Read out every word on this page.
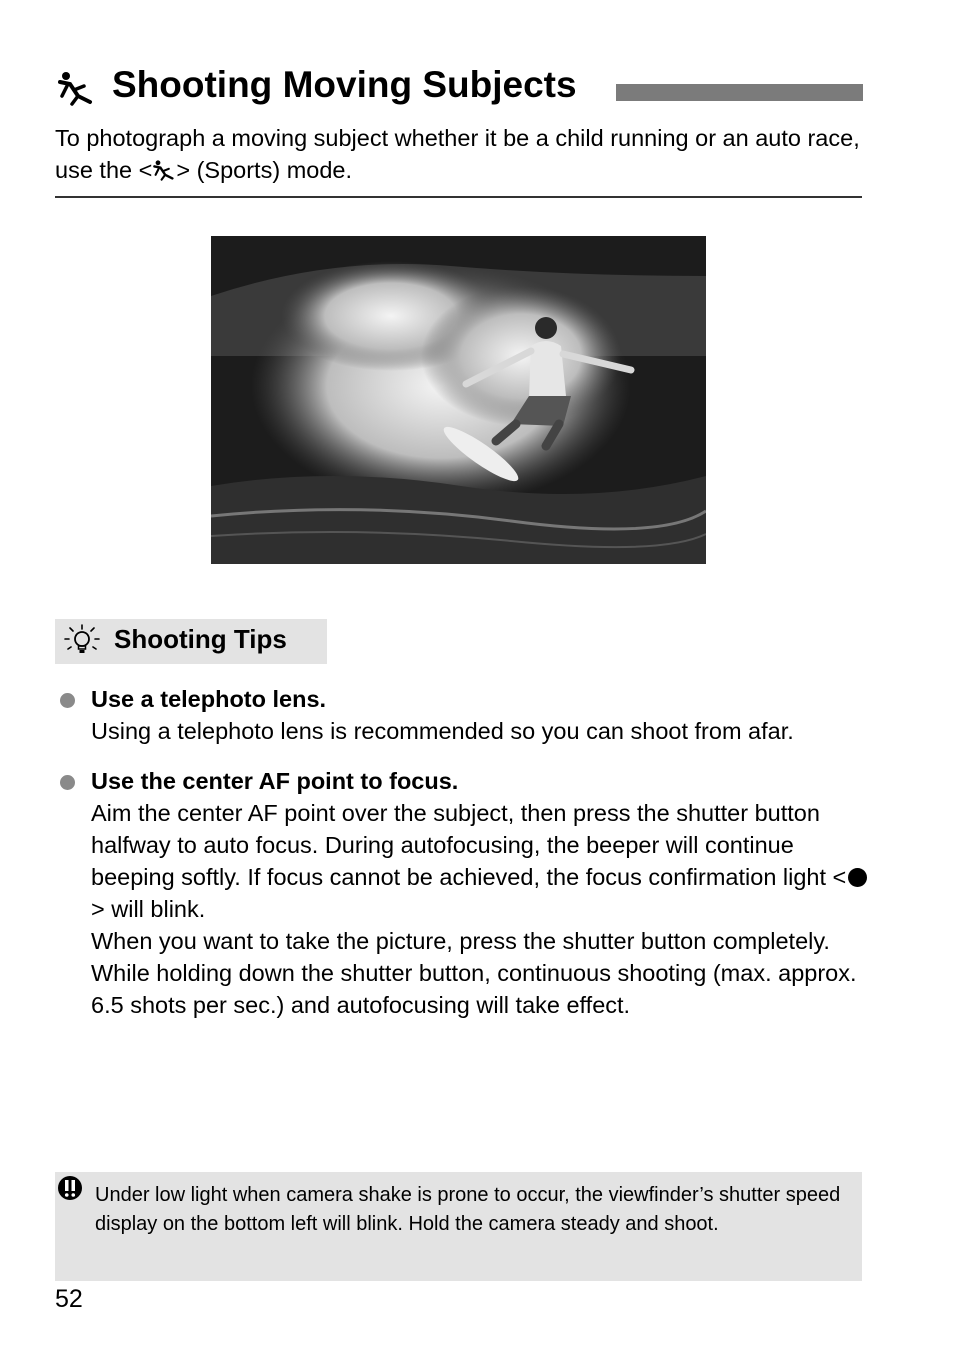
Shooting Moving Subjects
To photograph a moving subject whether it be a child running or an auto race, use the < > (Sports) mode.
Shooting Tips

Use a telephoto lens.

Using a telephoto lens is recommended so you can shoot from afar.

Use the center AF point to focus.

Aim the center AF point over the subject, then press the shutter button halfway to auto focus. During autofocusing, the beeper will continue beeping softly. If focus cannot be achieved, the focus confirmation light <> will blink.

When you want to take the picture, press the shutter button completely. While holding down the shutter button, continuous shooting (max. approx. 6.5 shots per sec.) and autofocusing will take effect.

Under low light when camera shake is prone to occur, the viewfinder’s shutter speed display on the bottom left will blink. Hold the camera steady and shoot.
52
